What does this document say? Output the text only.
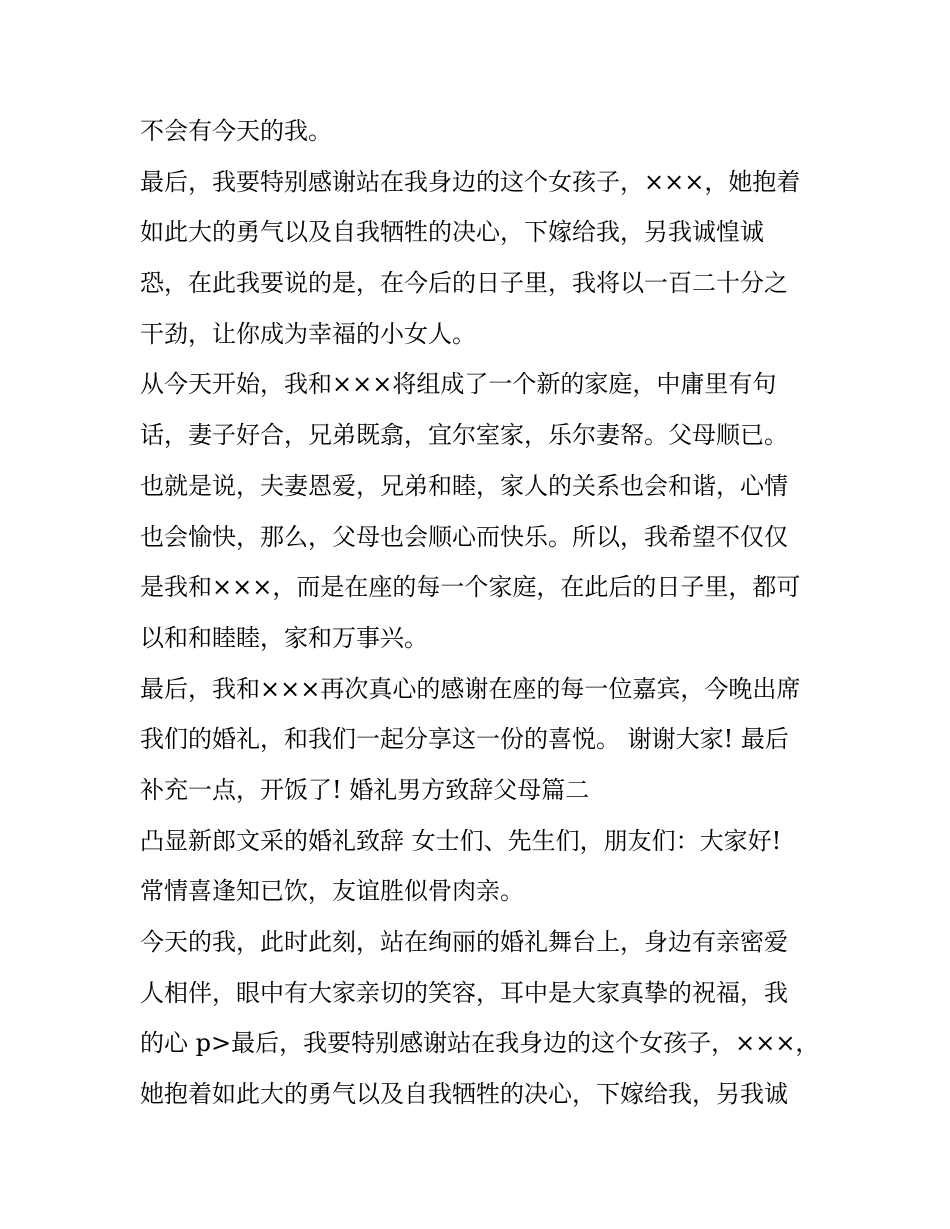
不会有今天的我。
最后，我要特别感谢站在我身边的这个女孩子，×××，她抱着
如此大的勇气以及自我牺牲的决心，下嫁给我，另我诚惶诚
恐，在此我要说的是，在今后的日子里，我将以一百二十分之
干劲，让你成为幸福的小女人。
从今天开始，我和×××将组成了一个新的家庭，中庸里有句
话，妻子好合，兄弟既翕，宜尔室家，乐尔妻帑。父母顺已。
也就是说，夫妻恩爱，兄弟和睦，家人的关系也会和谐，心情
也会愉快，那么，父母也会顺心而快乐。所以，我希望不仅仅
是我和×××，而是在座的每一个家庭，在此后的日子里，都可
以和和睦睦，家和万事兴。
最后，我和×××再次真心的感谢在座的每一位嘉宾，今晚出席
我们的婚礼，和我们一起分享这一份的喜悦。 谢谢大家! 最后
补充一点，开饭了! 婚礼男方致辞父母篇二
凸显新郎文采的婚礼致辞 女士们、先生们，朋友们：大家好!
常情喜逢知已饮，友谊胜似骨肉亲。
今天的我，此时此刻，站在绚丽的婚礼舞台上，身边有亲密爱
人相伴，眼中有大家亲切的笑容，耳中是大家真挚的祝福，我
的心 p>最后，我要特别感谢站在我身边的这个女孩子，×××，
她抱着如此大的勇气以及自我牺牲的决心，下嫁给我，另我诚
